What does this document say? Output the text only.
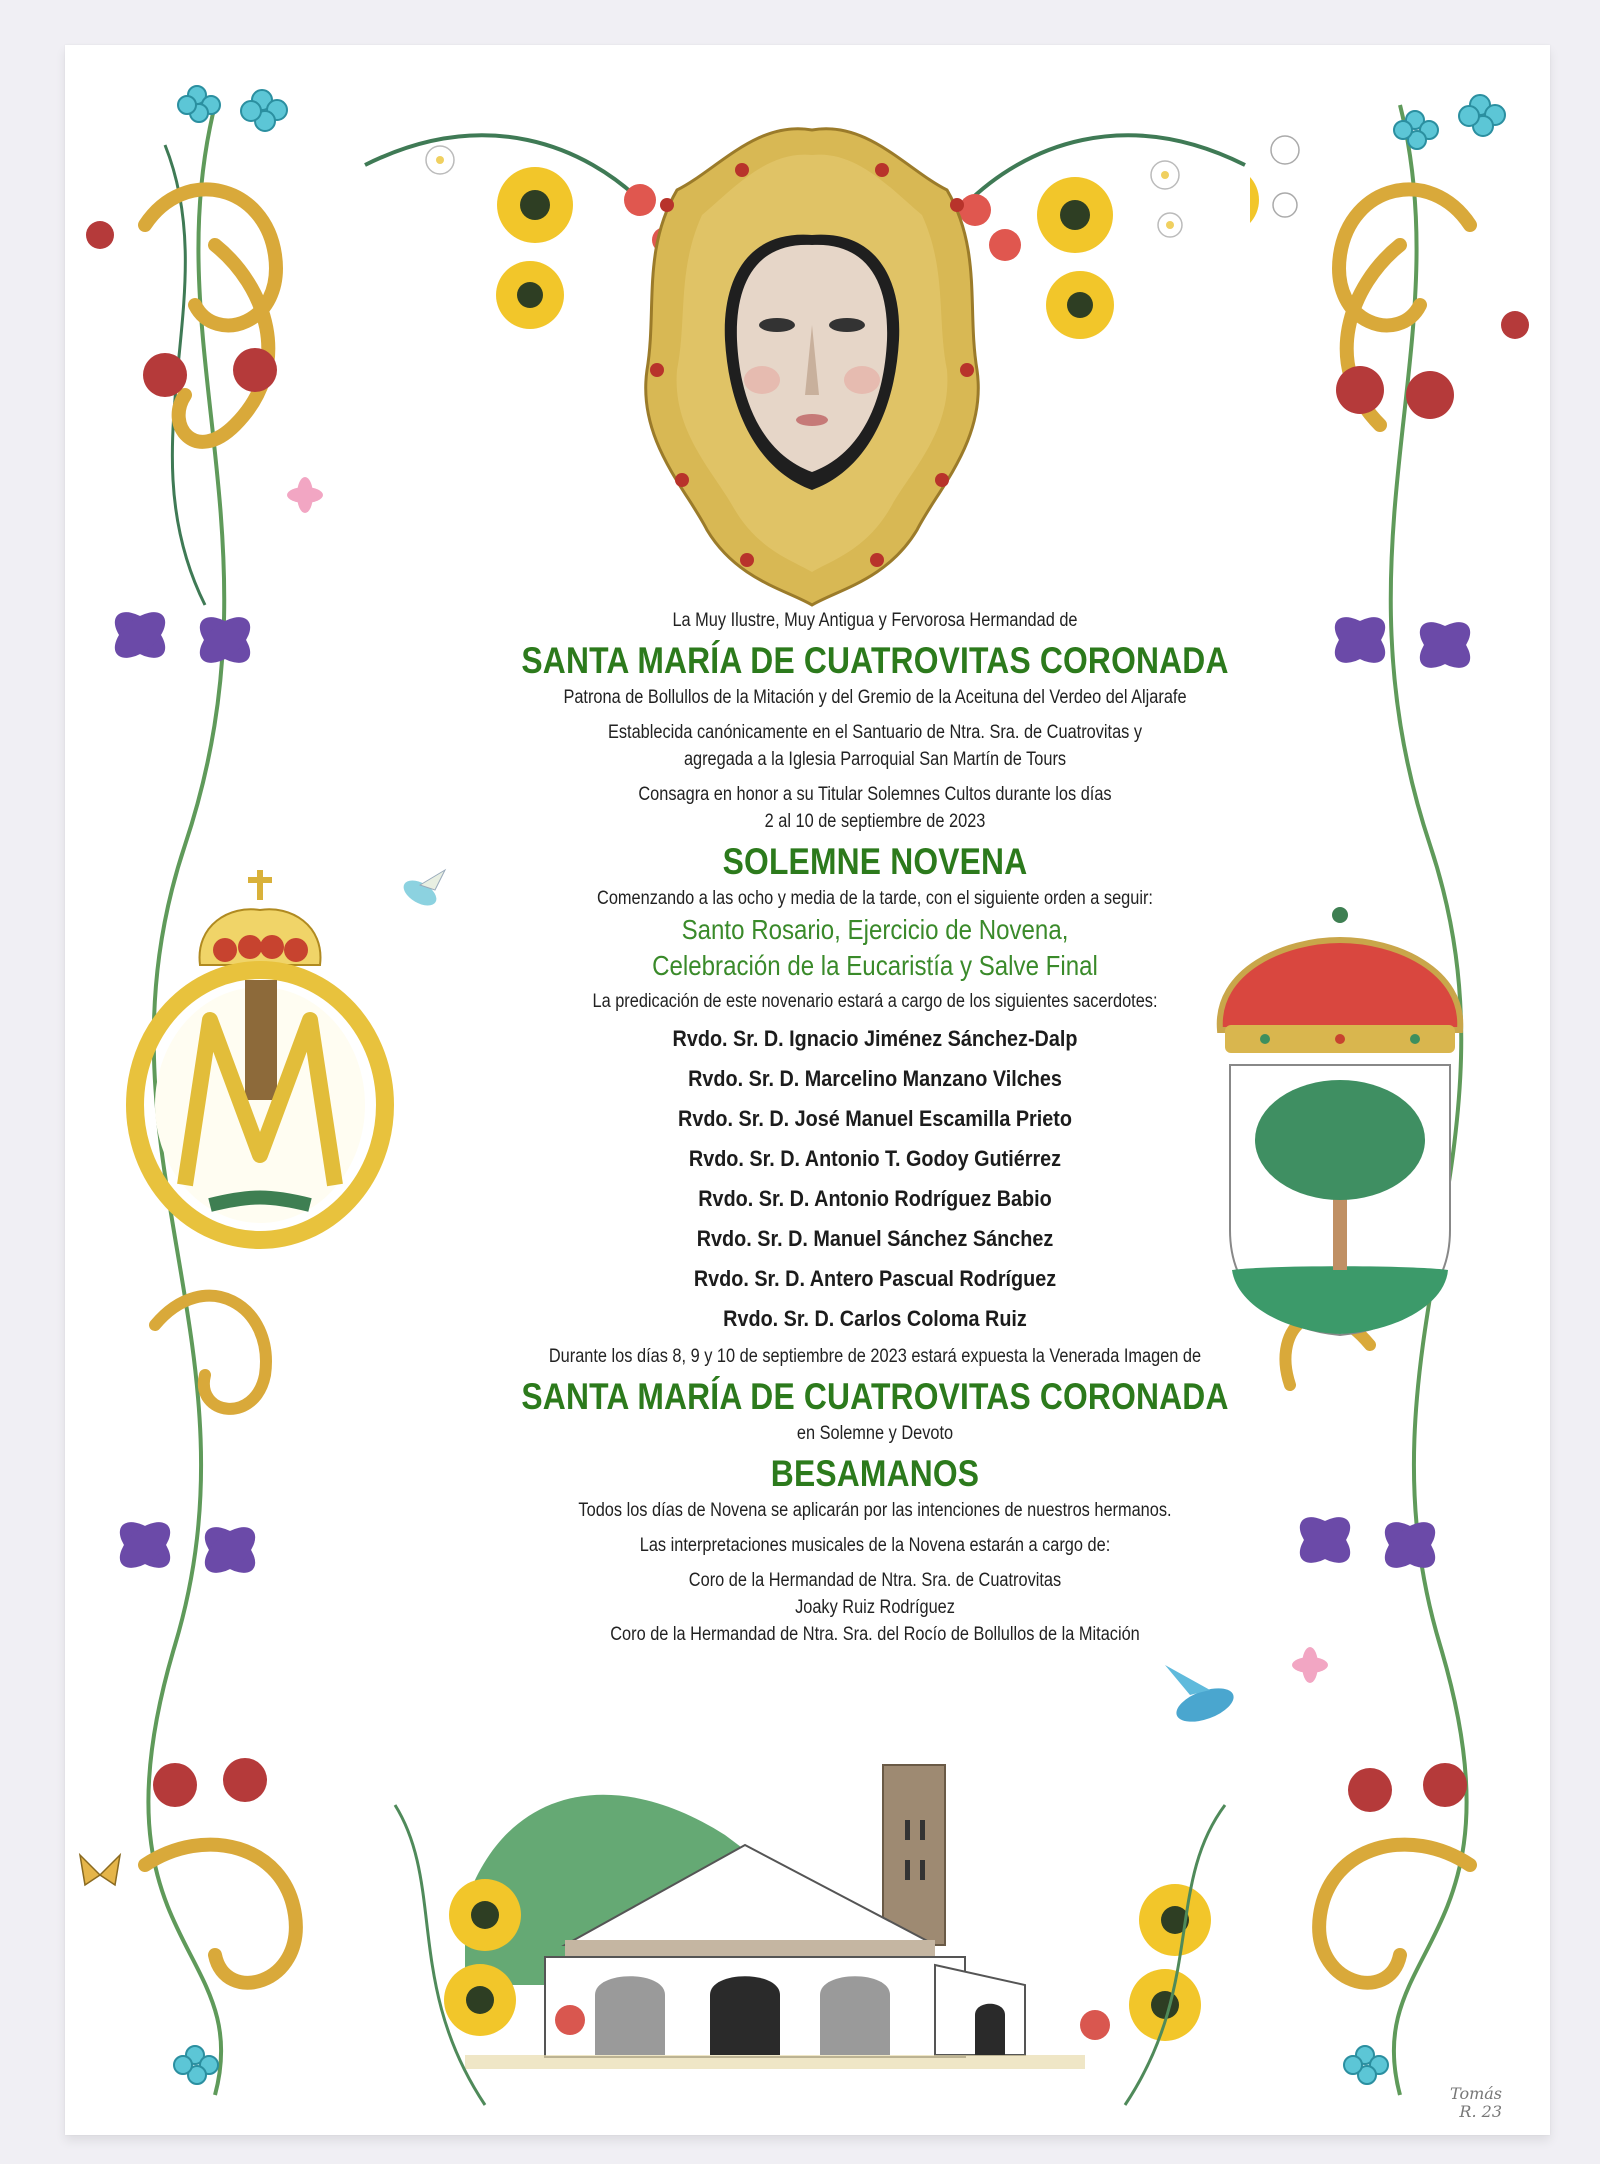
La Muy Ilustre, Muy Antigua y Fervorosa Hermandad de
SANTA MARÍA DE CUATROVITAS CORONADA
Patrona de Bollullos de la Mitación y del Gremio de la Aceituna del Verdeo del Aljarafe
Establecida canónicamente en el Santuario de Ntra. Sra. de Cuatrovitas y
agregada a la Iglesia Parroquial San Martín de Tours
Consagra en honor a su Titular Solemnes Cultos durante los días
2 al 10 de septiembre de 2023
SOLEMNE NOVENA
Comenzando a las ocho y media de la tarde, con el siguiente orden a seguir:
Santo Rosario, Ejercicio de Novena,
Celebración de la Eucaristía y Salve Final
La predicación de este novenario estará a cargo de los siguientes sacerdotes:
Rvdo. Sr. D. Ignacio Jiménez Sánchez-Dalp
Rvdo. Sr. D. Marcelino Manzano Vilches
Rvdo. Sr. D. José Manuel Escamilla Prieto
Rvdo. Sr. D. Antonio T. Godoy Gutiérrez
Rvdo. Sr. D. Antonio Rodríguez Babio
Rvdo. Sr. D. Manuel Sánchez Sánchez
Rvdo. Sr. D. Antero Pascual Rodríguez
Rvdo. Sr. D. Carlos Coloma Ruiz
Durante los días 8, 9 y 10 de septiembre de 2023 estará expuesta la Venerada Imagen de
SANTA MARÍA DE CUATROVITAS CORONADA
en Solemne y Devoto
BESAMANOS
Todos los días de Novena se aplicarán por las intenciones de nuestros hermanos.
Las interpretaciones musicales de la Novena estarán a cargo de:
Coro de la Hermandad de Ntra. Sra. de Cuatrovitas
Joaky Ruiz Rodríguez
Coro de la Hermandad de Ntra. Sra. del Rocío de Bollullos de la Mitación
Tomás
R. 23
